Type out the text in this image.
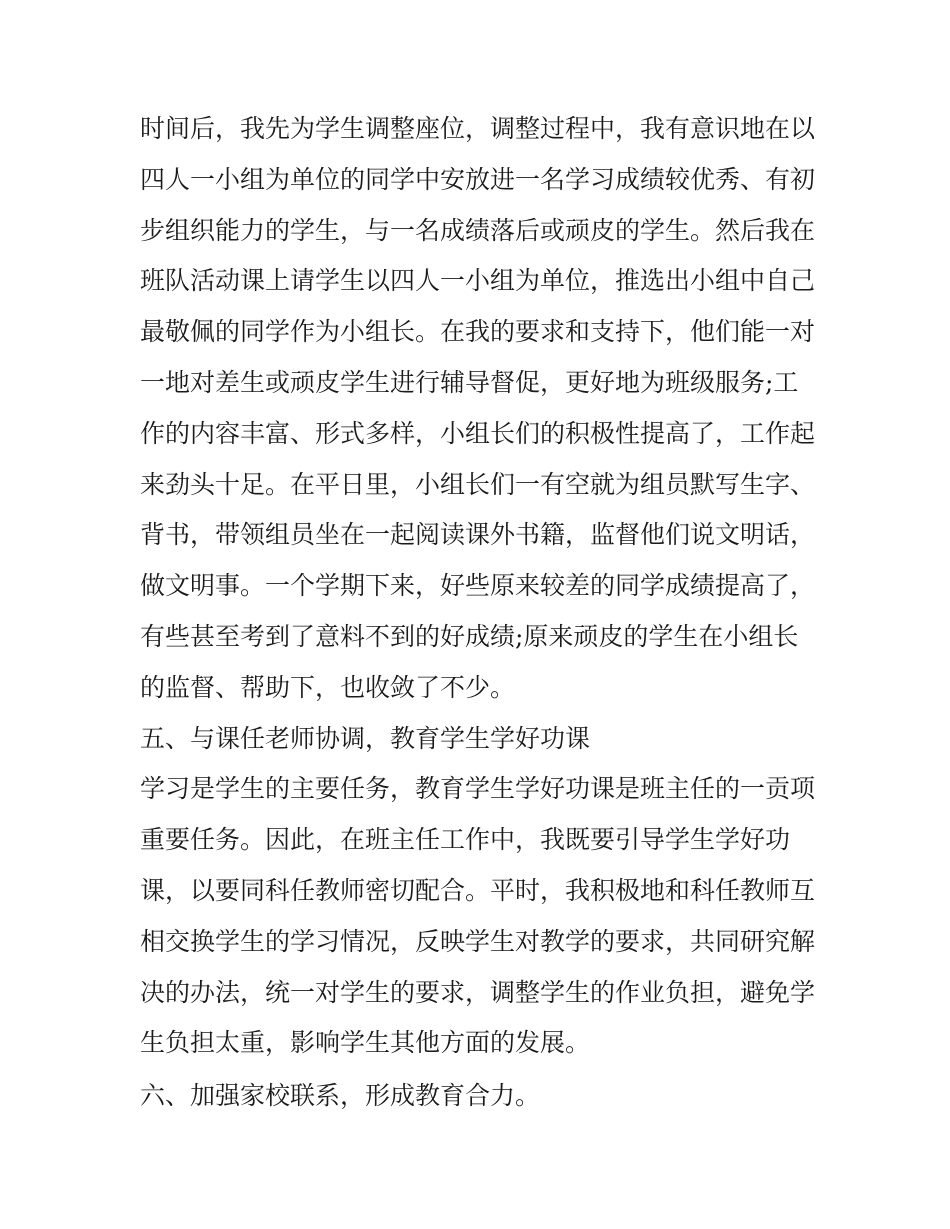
时间后，我先为学生调整座位，调整过程中，我有意识地在以
四人一小组为单位的同学中安放进一名学习成绩较优秀、有初
步组织能力的学生，与一名成绩落后或顽皮的学生。然后我在
班队活动课上请学生以四人一小组为单位，推选出小组中自己
最敬佩的同学作为小组长。在我的要求和支持下，他们能一对
一地对差生或顽皮学生进行辅导督促，更好地为班级服务;工
作的内容丰富、形式多样，小组长们的积极性提高了，工作起
来劲头十足。在平日里，小组长们一有空就为组员默写生字、
背书，带领组员坐在一起阅读课外书籍，监督他们说文明话，
做文明事。一个学期下来，好些原来较差的同学成绩提高了，
有些甚至考到了意料不到的好成绩;原来顽皮的学生在小组长
的监督、帮助下，也收敛了不少。
五、与课任老师协调，教育学生学好功课
学习是学生的主要任务，教育学生学好功课是班主任的一贡项
重要任务。因此，在班主任工作中，我既要引导学生学好功
课，以要同科任教师密切配合。平时，我积极地和科任教师互
相交换学生的学习情况，反映学生对教学的要求，共同研究解
决的办法，统一对学生的要求，调整学生的作业负担，避免学
生负担太重，影响学生其他方面的发展。
六、加强家校联系，形成教育合力。
